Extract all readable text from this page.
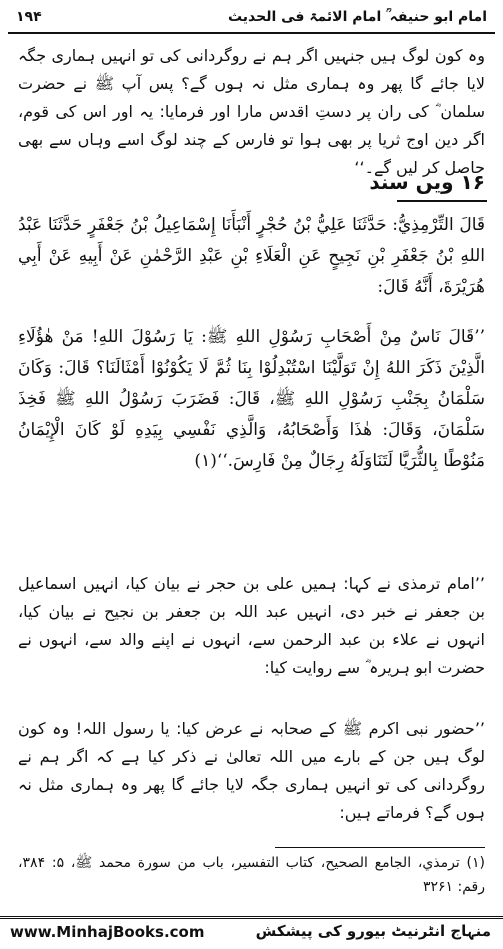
۱۹۴	امام ابو حنیفہ ؒ امام الائمۃ فی الحدیث
وہ کون لوگ ہیں جنہیں اگر ہم نے روگردانی کی تو انہیں ہماری جگہ لایا جائے گا پھر وہ ہماری مثل نہ ہوں گے؟ پس آپ ﷺ نے حضرت سلمان ؓ کی ران پر دستِ اقدس مارا اور فرمایا: یہ اور اس کی قوم، اگر دین اوج ثریا پر بھی ہوا تو فارس کے چند لوگ اسے وہاں سے بھی حاصل کر لیں گے۔‘‘
۱۶ ویں سند
قَالَ التِّرْمِذِيُّ: حَدَّثَنَا عَلِيُّ بْنُ حُجْرٍ أَنْبَأَنَا إِسْمَاعِيلُ بْنُ جَعْفَرٍ حَدَّثَنَا عَبْدُ اللهِ بْنُ جَعْفَرِ بْنِ نَجِيحٍ عَنِ الْعَلَاءِ بْنِ عَبْدِ الرَّحْمٰنِ عَنْ أَبِيهِ عَنْ أَبِي هُرَيْرَةَ، أَنَّهُ قَالَ:
’’قَالَ نَاسٌ مِنْ أَصْحَابِ رَسُوْلِ اللهِ ﷺ: يَا رَسُوْلَ اللهِ! مَنْ هٰؤُلَاءِ الَّذِيْنَ ذَكَرَ اللهُ إِنْ تَوَلَّيْنَا اسْتُبْدِلُوْا بِنَا ثُمَّ لَا يَكُوْنُوْا أَمْثَالَنَا؟ قَالَ: وَكَانَ سَلْمَانُ بِجَنْبِ رَسُوْلِ اللهِ ﷺ، قَالَ: فَضَرَبَ رَسُوْلُ اللهِ ﷺ فَخِذَ سَلْمَانَ، وَقَالَ: هٰذَا وَأَصْحَابُهُ، وَالَّذِي نَفْسِي بِيَدِهِ لَوْ كَانَ الْإِيْمَانُ مَنُوْطًا بِالثُّرَيَّا لَتَنَاوَلَهُ رِجَالٌ مِنْ فَارِسَ.‘‘(۱)
’’امام ترمذی نے کہا: ہمیں علی بن حجر نے بیان کیا، انہیں اسماعیل بن جعفر نے خبر دی، انہیں عبد اللہ بن جعفر بن نجیح نے بیان کیا، انہوں نے علاء بن عبد الرحمن سے، انہوں نے اپنے والد سے، انہوں نے حضرت ابو ہریرہ ؓ سے روایت کیا:
’’حضور نبی اکرم ﷺ کے صحابہ نے عرض کیا: یا رسول اللہ! وہ کون لوگ ہیں جن کے بارے میں اللہ تعالیٰ نے ذکر کیا ہے کہ اگر ہم نے روگردانی کی تو انہیں ہماری جگہ لایا جائے گا پھر وہ ہماری مثل نہ ہوں گے؟ فرماتے ہیں:
(۱) ترمذي، الجامع الصحيح، كتاب التفسير، باب من سورة محمد ﷺ، ۵: ۳۸۴، رقم: ۳۲۶۱
www.MinhajBooks.com	منہاج انٹرنیٹ بیورو کی پیشکش
